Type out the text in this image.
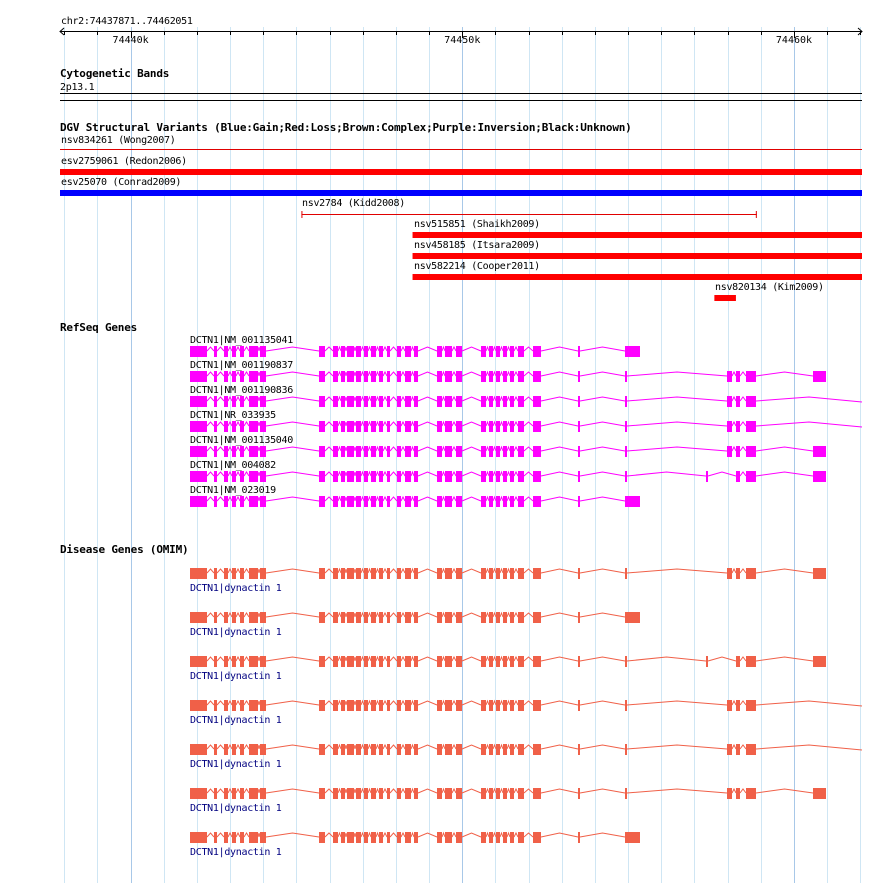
chr2:74437871..74462051
74440k	74450k	74460k
Cytogenetic Bands
2p13.1
DGV Structural Variants (Blue:Gain;Red:Loss;Brown:Complex;Purple:Inversion;Black:Unknown)
RefSeq Genes
Disease Genes (OMIM)
nsv834261 (Wong2007)
esv2759061 (Redon2006)
esv25070 (Conrad2009)
nsv2784 (Kidd2008)
nsv515851 (Shaikh2009)
nsv458185 (Itsara2009)
nsv582214 (Cooper2011)
nsv820134 (Kim2009)
DCTN1|NM_001135041
DCTN1|NM_001190837
DCTN1|NM_001190836
DCTN1|NR_033935
DCTN1|NM_001135040
DCTN1|NM_004082
DCTN1|NM_023019
DCTN1|dynactin 1
DCTN1|dynactin 1
DCTN1|dynactin 1
DCTN1|dynactin 1
DCTN1|dynactin 1
DCTN1|dynactin 1
DCTN1|dynactin 1
